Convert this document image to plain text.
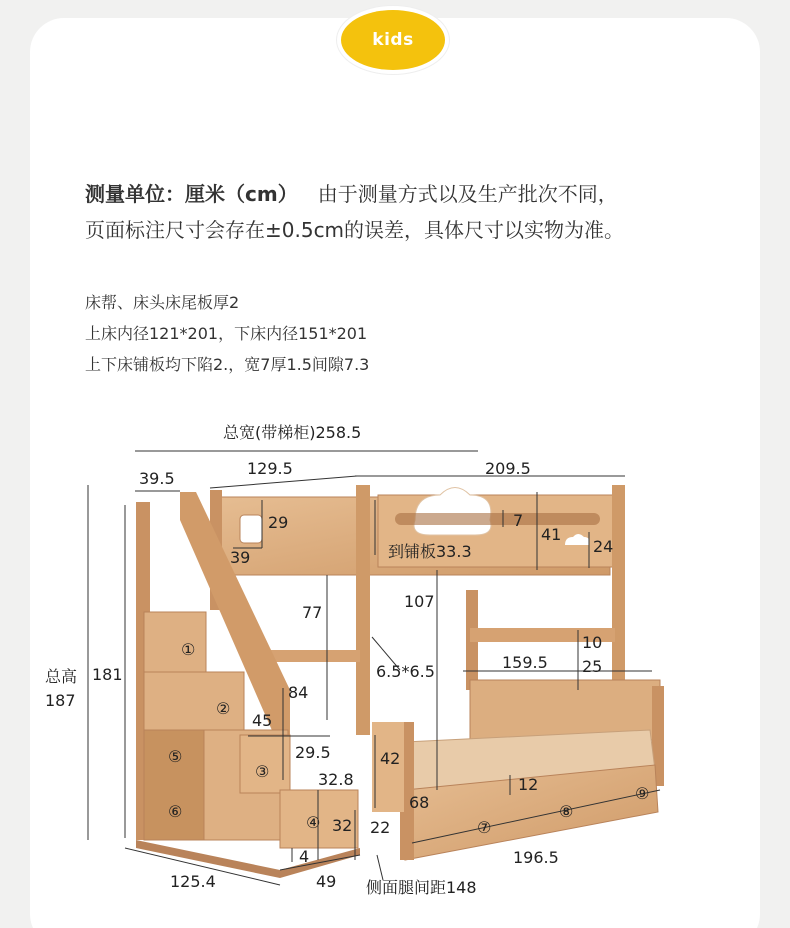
kids
测量单位：厘米（cm） 由于测量方式以及生产批次不同，
页面标注尺寸会存在±0.5cm的误差，具体尺寸以实物为准。
床帮、床头床尾板厚2
上床内径121*201，下床内径151*201
上下床铺板均下陷2.，宽7厚1.5间隙7.3
总宽(带梯柜)258.5
39.5
129.5	209.5
总高
187
181
29
39
7
41
24
到铺板33.3
77
107
10
159.5 25
6.5*6.5
84
45
29.5
32.8
42
12
68
32 22
4
125.4	49
196.5
侧面腿间距148
①
②
③
④
⑤
⑥
⑦
⑧
⑨
